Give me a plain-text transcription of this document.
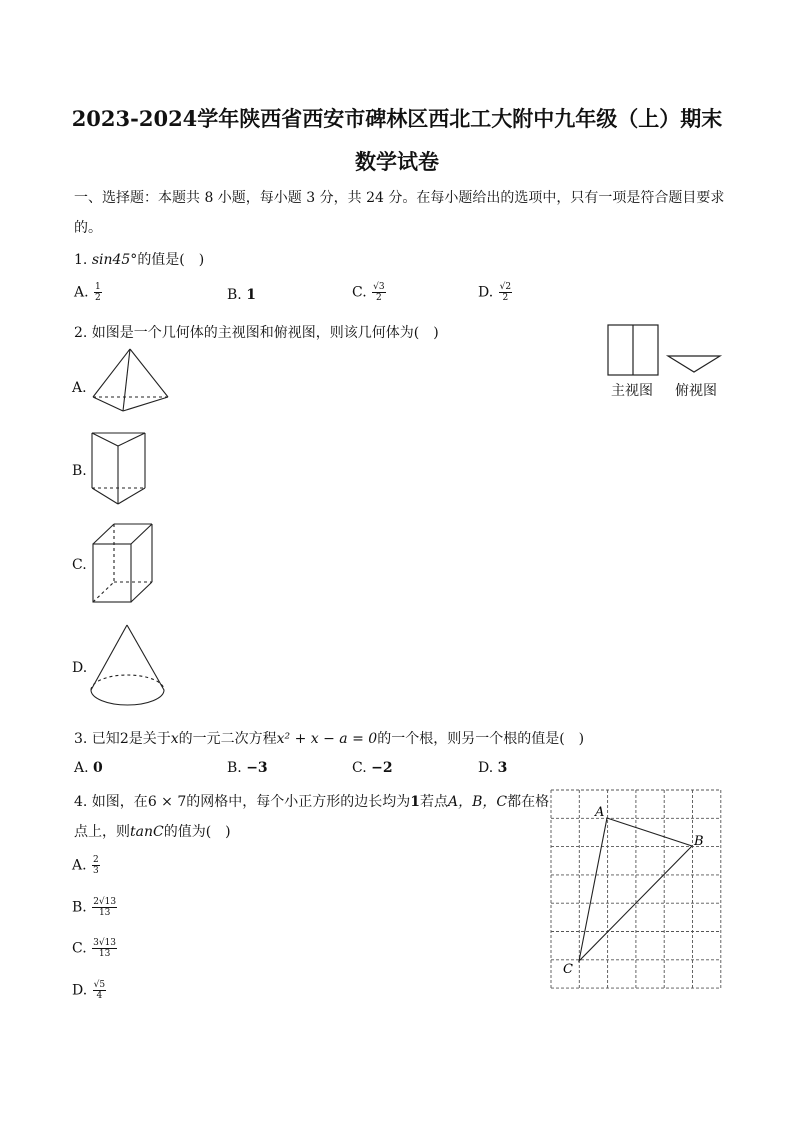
2023-2024学年陕西省西安市碑林区西北工大附中九年级（上）期末
数学试卷
一、选择题：本题共 8 小题，每小题 3 分，共 24 分。在每小题给出的选项中，只有一项是符合题目要求
的。
1. sin45°的值是(　)
A. $\frac{1}{2}$	B. 1	C. $\frac{√3}{2}$	D. $\frac{√2}{2}$
2. 如图是一个几何体的主视图和俯视图，则该几何体为(　)
主视图 俯视图
A.
B.
C.
D.
3. 已知2是关于x的一元二次方程x² + x − a = 0的一个根，则另一个根的值是(　)
A. 0	B. −3	C. −2	D. 3
4. 如图，在6 × 7的网格中，每个小正方形的边长均为1若点A，B，C都在格
点上，则tanC的值为(　)
A. $\frac{2}{3}$
B. $\frac{2√13}{13}$
C. $\frac{3√13}{13}$
D. $\frac{√5}{4}$
A
B
C
